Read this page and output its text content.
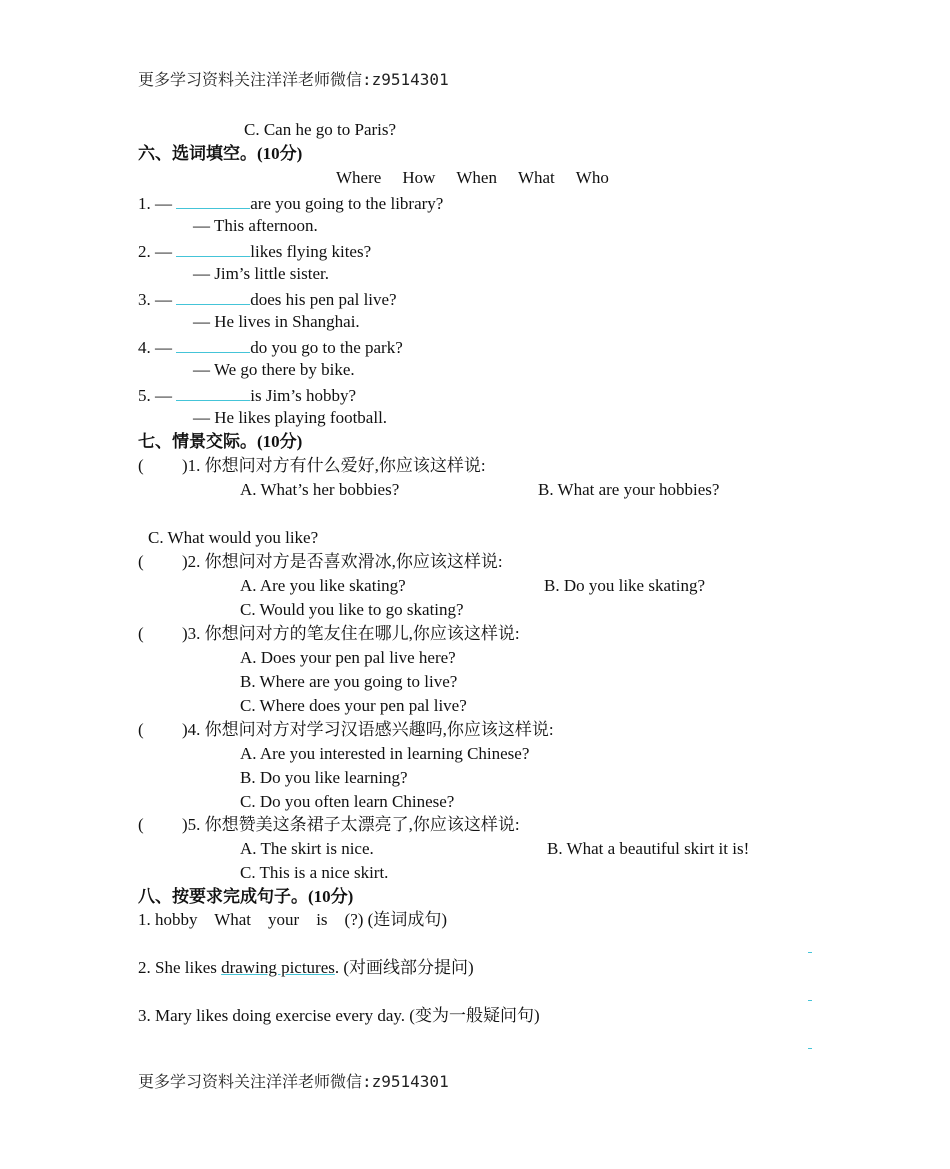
更多学习资料关注洋洋老师微信:z9514301
C. Can he go to Paris?
六、选词填空。(10分)
Where How When What Who
1. —	are you going to the library?
— This afternoon.
2. —	likes flying kites?
— Jim’s little sister.
3. —	does his pen pal live?
— He lives in Shanghai.
4. —	do you go to the park?
— We go there by bike.
5. —	is Jim’s hobby?
— He likes playing football.
七、情景交际。(10分)
( )1. 你想问对方有什么爱好,你应该这样说:
A. What’s her bobbies?	B. What are your hobbies?
C. What would you like?
( )2. 你想问对方是否喜欢滑冰,你应该这样说:
A. Are you like skating?	B. Do you like skating?
C. Would you like to go skating?
( )3. 你想问对方的笔友住在哪儿,你应该这样说:
A. Does your pen pal live here?
B. Where are you going to live?
C. Where does your pen pal live?
( )4. 你想问对方对学习汉语感兴趣吗,你应该这样说:
A. Are you interested in learning Chinese?
B. Do you like learning?
C. Do you often learn Chinese?
( )5. 你想赞美这条裙子太漂亮了,你应该这样说:
A. The skirt is nice.	B. What a beautiful skirt it is!
C. This is a nice skirt.
八、按要求完成句子。(10分)
1. hobby What your is (?) (连词成句)
2. She likes drawing pictures. (对画线部分提问)
3. Mary likes doing exercise every day. (变为一般疑问句)
更多学习资料关注洋洋老师微信:z9514301
